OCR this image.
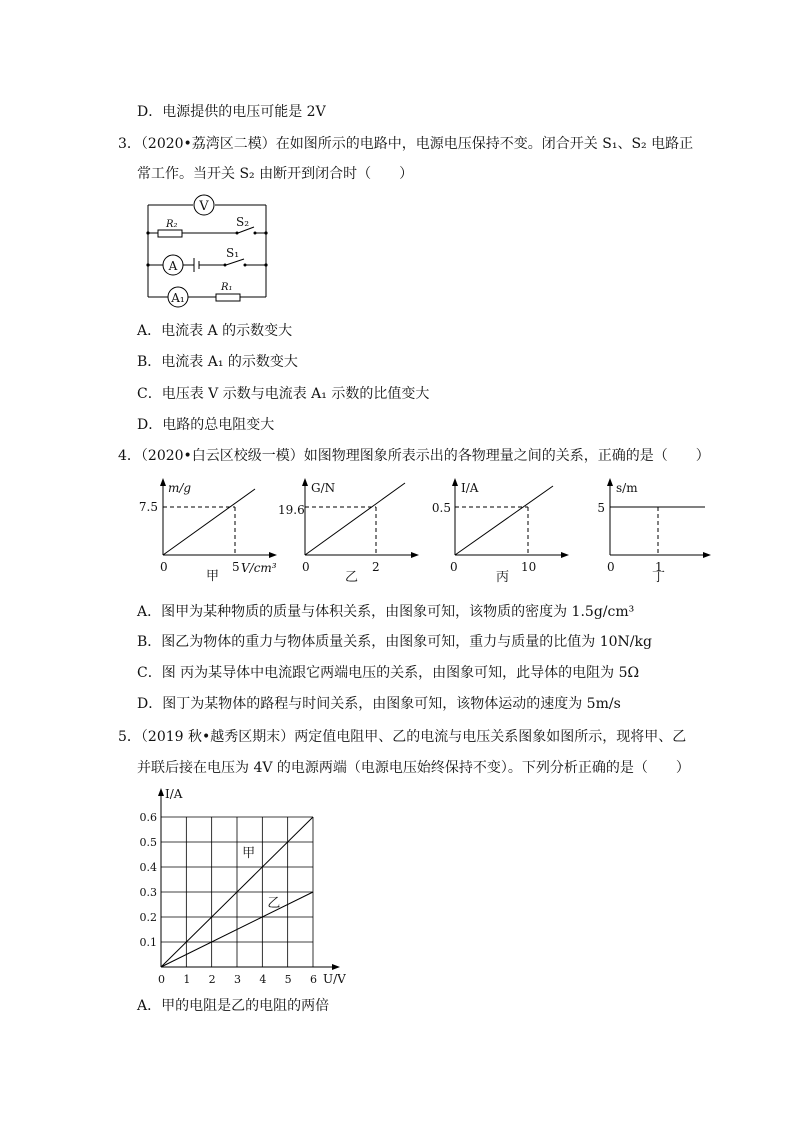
D．电源提供的电压可能是 2V
3．（2020•荔湾区二模）在如图所示的电路中，电源电压保持不变。闭合开关 S₁、S₂ 电路正
常工作。当开关 S₂ 由断开到闭合时（　　）
V
R₂	S₂
A
S₁
A₁
R₁
A．电流表 A 的示数变大
B．电流表 A₁ 的示数变大
C．电压表 V 示数与电流表 A₁ 示数的比值变大
D．电路的总电阻变大
4．（2020•白云区校级一模）如图物理图象所表示出的各物理量之间的关系，正确的是（　　）
m/g
7.5
0	5 V/cm³
甲
G/N
19.6
0	2
乙
I/A
0.5
0	10
丙
s/m
5
0	1
丁
A．图甲为某种物质的质量与体积关系，由图象可知，该物质的密度为 1.5g/cm³
B．图乙为物体的重力与物体质量关系，由图象可知，重力与质量的比值为 10N/kg
C．图 丙为某导体中电流跟它两端电压的关系，由图象可知，此导体的电阻为 5Ω
D．图丁为某物体的路程与时间关系，由图象可知，该物体运动的速度为 5m/s
5．（2019 秋•越秀区期末）两定值电阻甲、乙的电流与电压关系图象如图所示，现将甲、乙
并联后接在电压为 4V 的电源两端（电源电压始终保持不变）。下列分析正确的是（　　）
0 1 2 3 4 5 6
0.1
0.2
0.3
0.4
0.5
0.6
I/A
U/V
甲
乙
A．甲的电阻是乙的电阻的两倍
